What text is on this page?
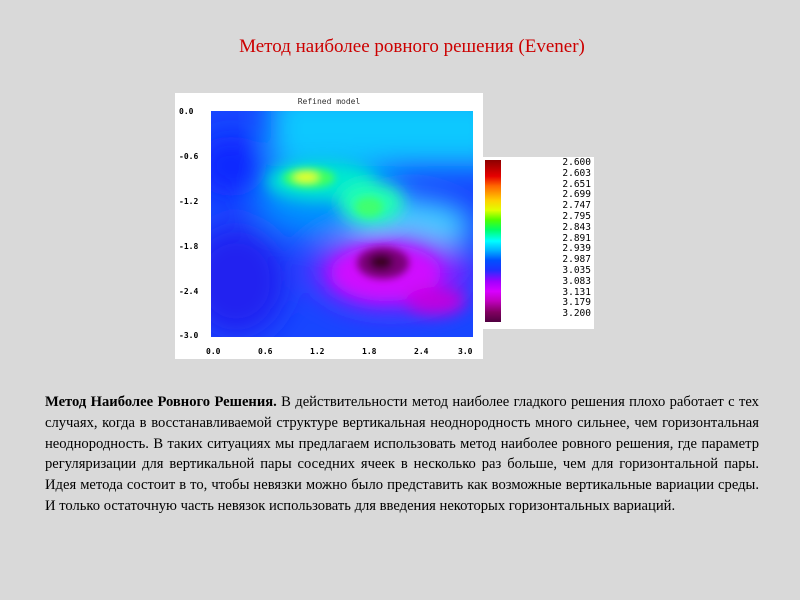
Метод наиболее ровного решения (Evener)
Refined model
0.0
-0.6
-1.2
-1.8
-2.4
-3.0
0.0	0.6	1.2	1.8	2.4	3.0
2.600
2.603
2.651
2.699
2.747
2.795
2.843
2.891
2.939
2.987
3.035
3.083
3.131
3.179
3.200
Метод Наиболее Ровного Решения. В действительности метод наиболее гладкого решения плохо работает с тех случаях, когда в восстанавливаемой структуре вертикальная неоднородность много сильнее, чем горизонтальная неоднородность. В таких ситуациях мы предлагаем использовать метод наиболее ровного решения, где параметр регуляризации для вертикальной пары соседних ячеек в несколько раз больше, чем для горизонтальной пары. Идея метода состоит в то, чтобы невязки можно было представить как возможные вертикальные вариации среды. И только остаточную часть невязок использовать для введения некоторых горизонтальных вариаций.
